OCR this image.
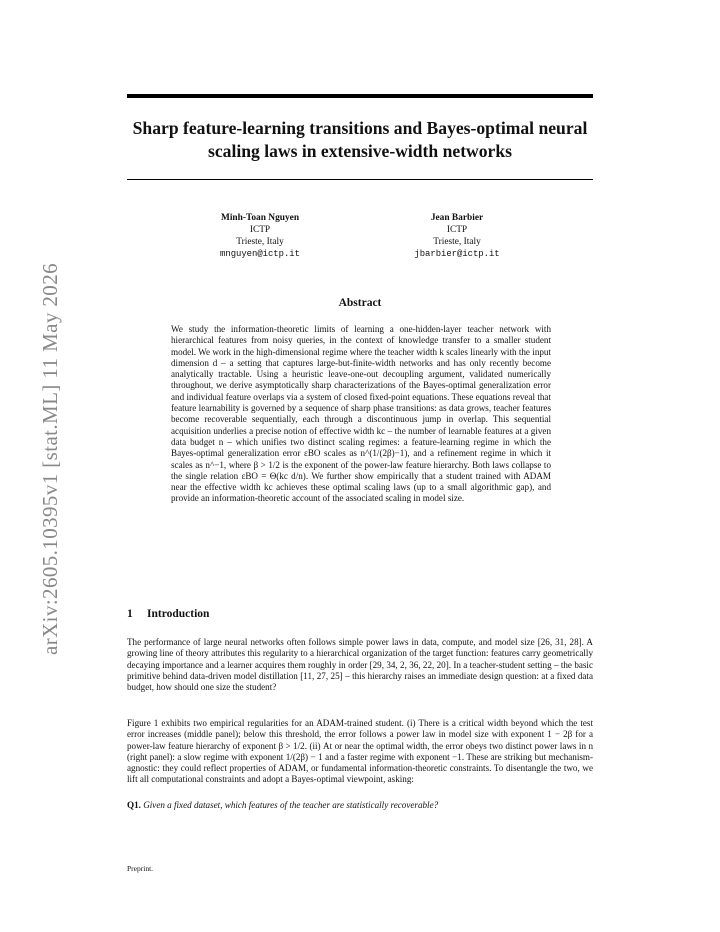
arXiv:2605.10395v1 [stat.ML] 11 May 2026
Sharp feature-learning transitions and Bayes-optimal neural scaling laws in extensive-width networks
Minh-Toan Nguyen
ICTP
Trieste, Italy
mnguyen@ictp.it
Jean Barbier
ICTP
Trieste, Italy
jbarbier@ictp.it
Abstract
We study the information-theoretic limits of learning a one-hidden-layer teacher network with hierarchical features from noisy queries, in the context of knowledge transfer to a smaller student model. We work in the high-dimensional regime where the teacher width k scales linearly with the input dimension d – a setting that captures large-but-finite-width networks and has only recently become analytically tractable. Using a heuristic leave-one-out decoupling argument, validated numerically throughout, we derive asymptotically sharp characterizations of the Bayes-optimal generalization error and individual feature overlaps via a system of closed fixed-point equations. These equations reveal that feature learnability is governed by a sequence of sharp phase transitions: as data grows, teacher features become recoverable sequentially, each through a discontinuous jump in overlap. This sequential acquisition underlies a precise notion of effective width kc – the number of learnable features at a given data budget n – which unifies two distinct scaling regimes: a feature-learning regime in which the Bayes-optimal generalization error εBO scales as n^(1/(2β)−1), and a refinement regime in which it scales as n^−1, where β > 1/2 is the exponent of the power-law feature hierarchy. Both laws collapse to the single relation εBO = Θ(kc d/n). We further show empirically that a student trained with ADAM near the effective width kc achieves these optimal scaling laws (up to a small algorithmic gap), and provide an information-theoretic account of the associated scaling in model size.
1 Introduction
The performance of large neural networks often follows simple power laws in data, compute, and model size [26, 31, 28]. A growing line of theory attributes this regularity to a hierarchical organization of the target function: features carry geometrically decaying importance and a learner acquires them roughly in order [29, 34, 2, 36, 22, 20]. In a teacher-student setting – the basic primitive behind data-driven model distillation [11, 27, 25] – this hierarchy raises an immediate design question: at a fixed data budget, how should one size the student?
Figure 1 exhibits two empirical regularities for an ADAM-trained student. (i) There is a critical width beyond which the test error increases (middle panel); below this threshold, the error follows a power law in model size with exponent 1 − 2β for a power-law feature hierarchy of exponent β > 1/2. (ii) At or near the optimal width, the error obeys two distinct power laws in n (right panel): a slow regime with exponent 1/(2β) − 1 and a faster regime with exponent −1. These are striking but mechanism-agnostic: they could reflect properties of ADAM, or fundamental information-theoretic constraints. To disentangle the two, we lift all computational constraints and adopt a Bayes-optimal viewpoint, asking:
Q1. Given a fixed dataset, which features of the teacher are statistically recoverable?
Preprint.
